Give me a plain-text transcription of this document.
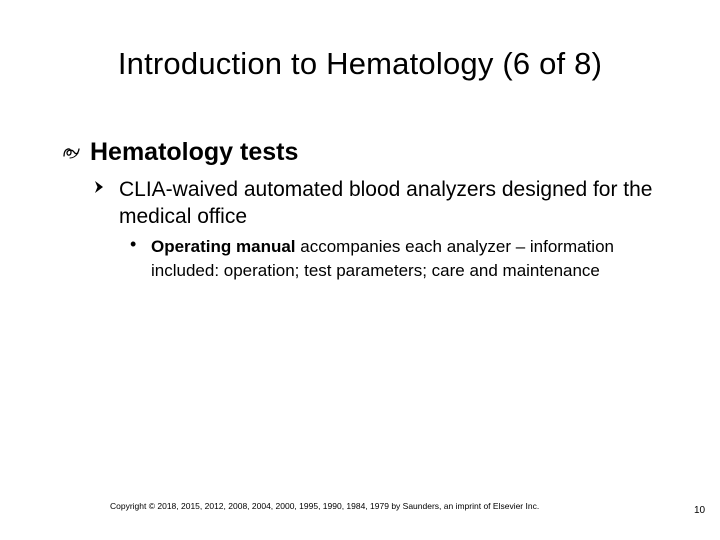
Introduction to Hematology (6 of 8)
Hematology tests
CLIA-waived automated blood analyzers designed for the medical office
• Operating manual accompanies each analyzer – information included: operation; test parameters; care and maintenance
Copyright © 2018, 2015, 2012, 2008, 2004, 2000, 1995, 1990, 1984, 1979 by Saunders, an imprint of Elsevier Inc.	10
